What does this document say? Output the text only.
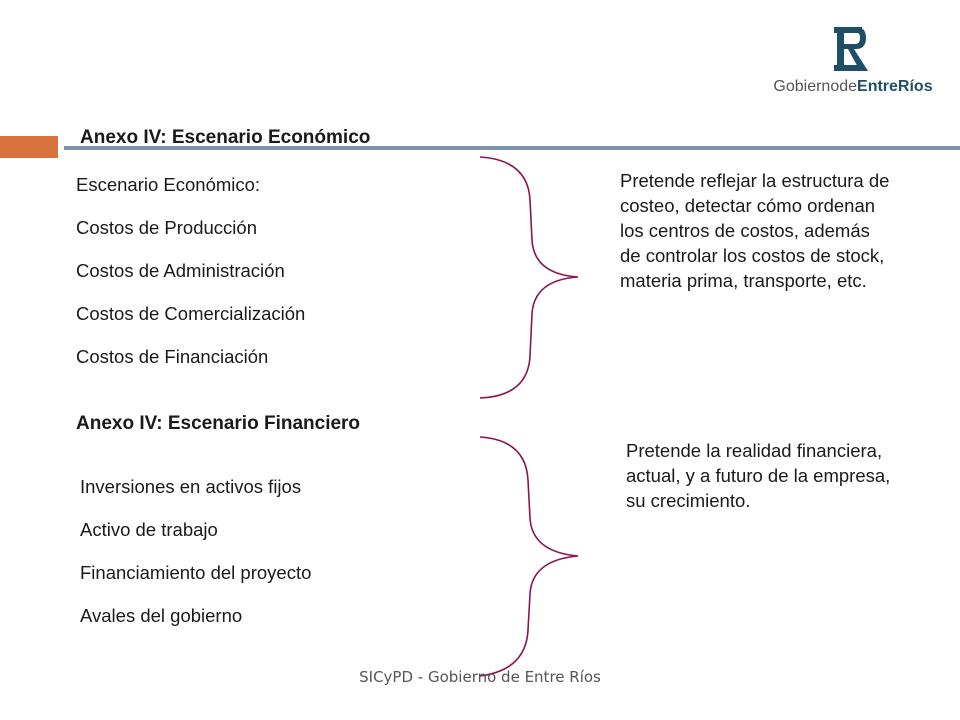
GobiernodeEntreRíos
Anexo IV: Escenario Económico
Escenario Económico:
Costos de Producción
Costos de Administración
Costos de Comercialización
Costos de Financiación
Pretende reflejar la estructura de costeo, detectar cómo ordenan los centros de costos, además de controlar los costos de stock, materia prima, transporte, etc.
Anexo IV: Escenario Financiero
Inversiones en activos fijos
Activo de trabajo
Financiamiento del proyecto
Avales del gobierno
Pretende la realidad financiera, actual, y a futuro de la empresa, su crecimiento.
SICyPD - Gobierno de Entre Ríos
